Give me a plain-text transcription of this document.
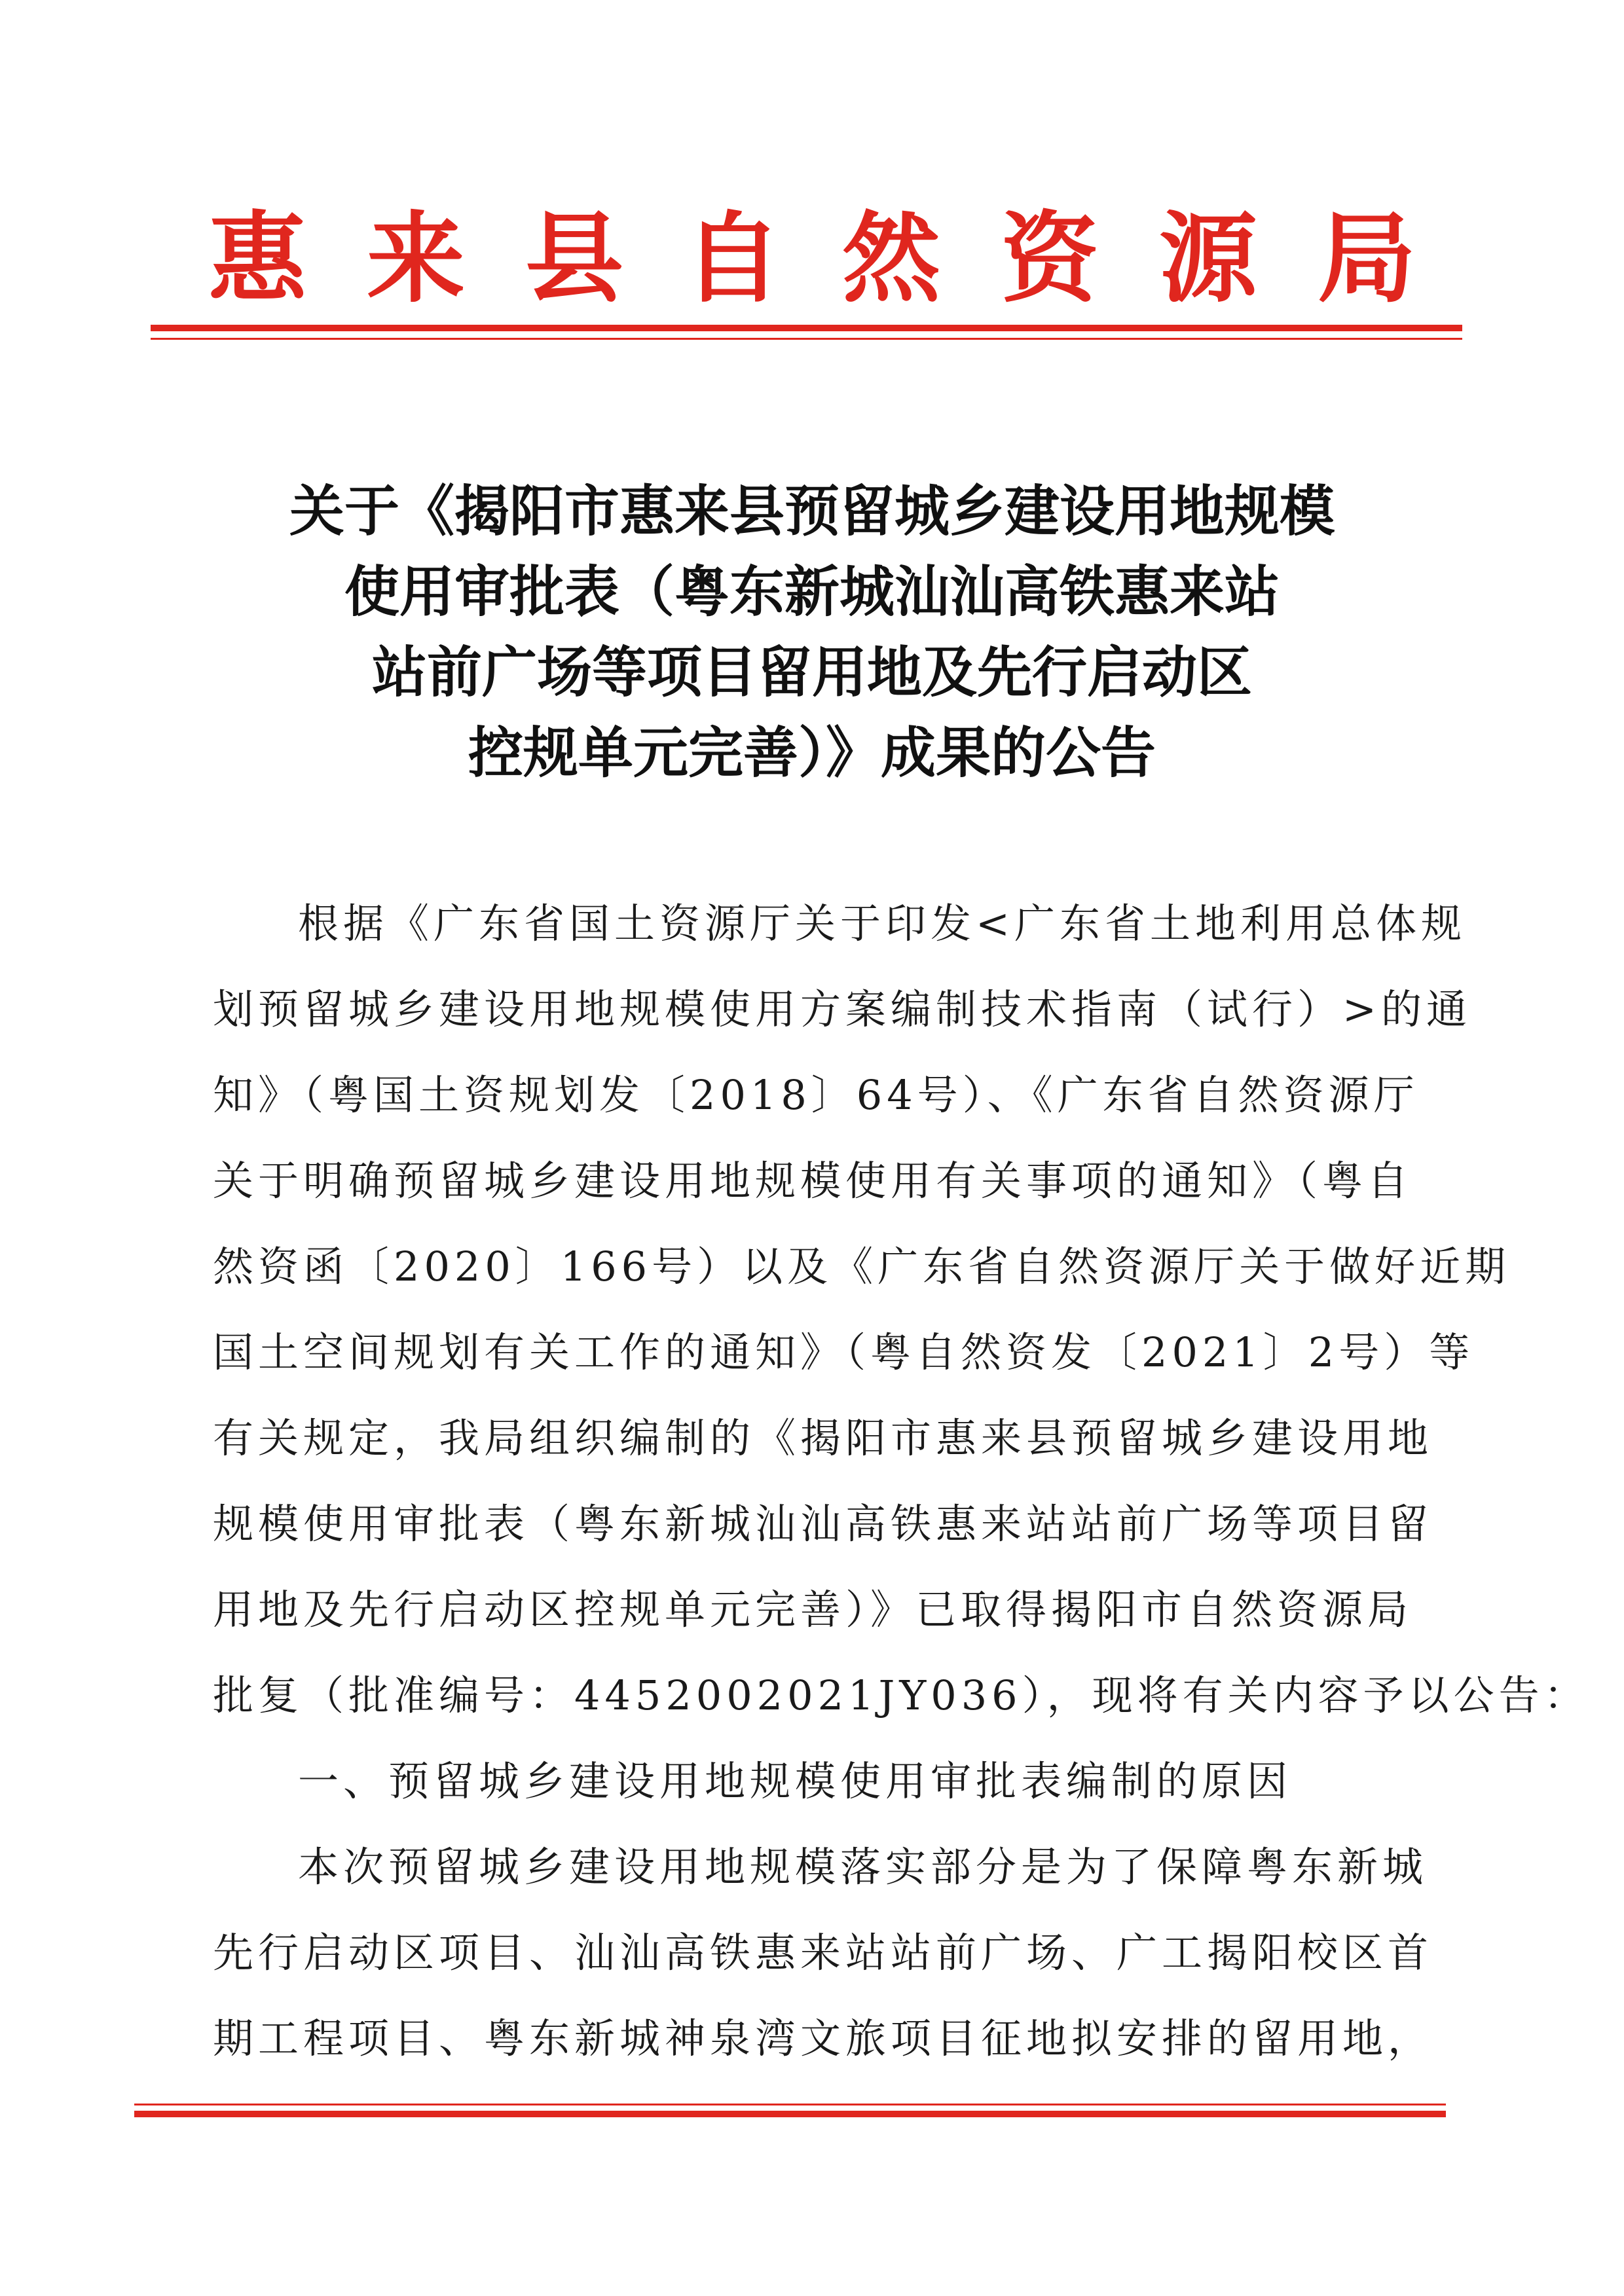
惠来县自然资源局
关于《揭阳市惠来县预留城乡建设用地规模
使用审批表（粤东新城汕汕高铁惠来站
站前广场等项目留用地及先行启动区
控规单元完善）》成果的公告
根据《广东省国土资源厅关于印发<广东省土地利用总体规
划预留城乡建设用地规模使用方案编制技术指南（试行）>的通
知》（粤国土资规划发〔2018〕64号）、《广东省自然资源厅
关于明确预留城乡建设用地规模使用有关事项的通知》（粤自
然资函〔2020〕166号）以及《广东省自然资源厅关于做好近期
国土空间规划有关工作的通知》（粤自然资发〔2021〕2号）等
有关规定，我局组织编制的《揭阳市惠来县预留城乡建设用地
规模使用审批表（粤东新城汕汕高铁惠来站站前广场等项目留
用地及先行启动区控规单元完善）》已取得揭阳市自然资源局
批复（批准编号：4452002021JY036），现将有关内容予以公告：
一、预留城乡建设用地规模使用审批表编制的原因
本次预留城乡建设用地规模落实部分是为了保障粤东新城
先行启动区项目、汕汕高铁惠来站站前广场、广工揭阳校区首
期工程项目、粤东新城神泉湾文旅项目征地拟安排的留用地，
